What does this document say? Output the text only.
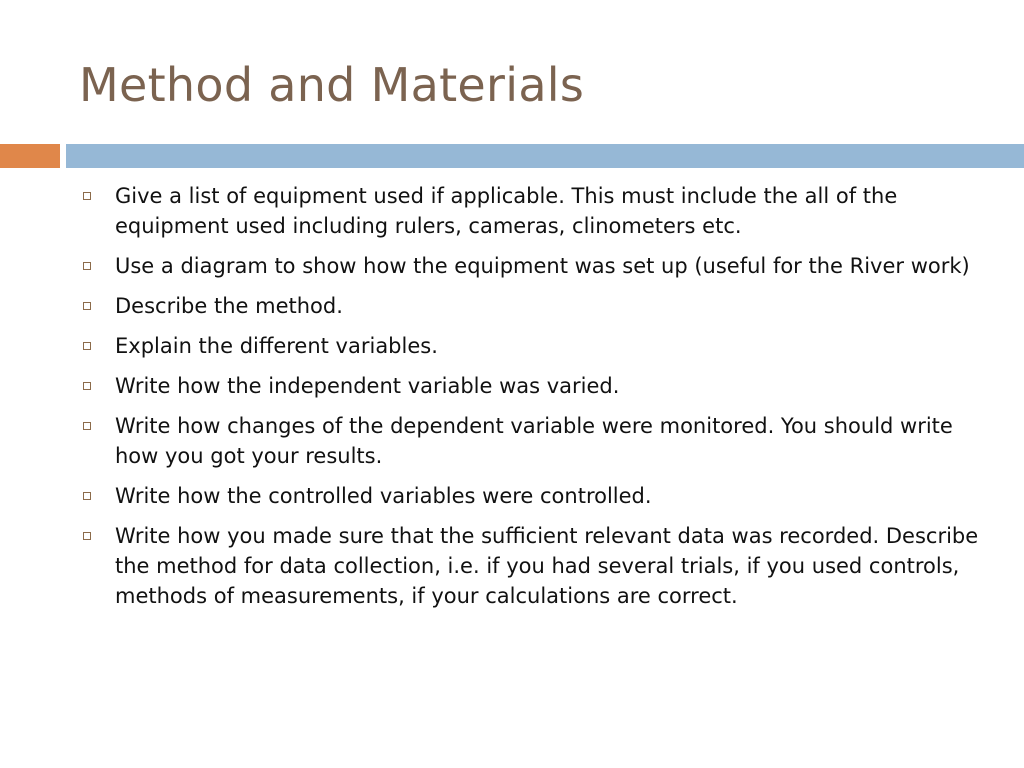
Method and Materials
Give a list of equipment used if applicable. This must include the all of the equipment used including rulers, cameras, clinometers etc.
Use a diagram to show how the equipment was set up (useful for the River work)
Describe the method.
Explain the different variables.
Write how the independent variable was varied.
Write how changes of the dependent variable were monitored. You should write how you got your results.
Write how the controlled variables were controlled.
Write how you made sure that the sufficient relevant data was recorded. Describe the method for data collection, i.e. if you had several trials, if you used controls, methods of measurements, if your calculations are correct.
